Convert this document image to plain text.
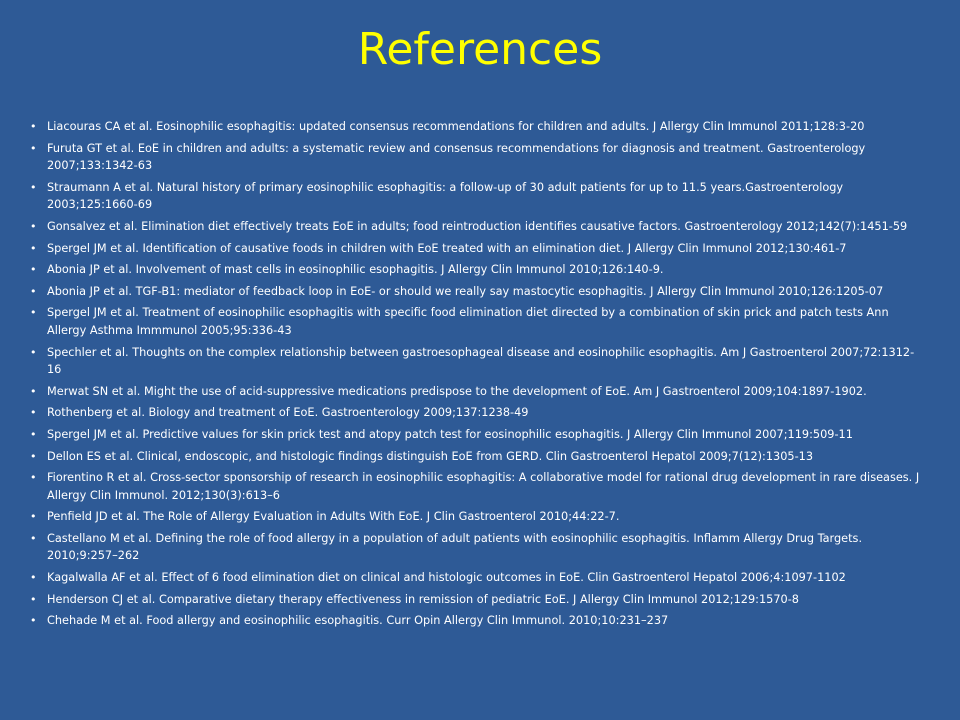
References
• Liacouras CA et al. Eosinophilic esophagitis: updated consensus recommendations for children and adults. J Allergy Clin Immunol 2011;128:3-20
• Furuta GT et al. EoE in children and adults: a systematic review and consensus recommendations for diagnosis and treatment. Gastroenterology 2007;133:1342-63
• Straumann A et al. Natural history of primary eosinophilic esophagitis: a follow-up of 30 adult patients for up to 11.5 years.Gastroenterology 2003;125:1660-69
• Gonsalvez et al. Elimination diet effectively treats EoE in adults; food reintroduction identifies causative factors. Gastroenterology 2012;142(7):1451-59
• Spergel JM et al. Identification of causative foods in children with EoE treated with an elimination diet. J Allergy Clin Immunol 2012;130:461-7
• Abonia JP et al. Involvement of mast cells in eosinophilic esophagitis. J Allergy Clin Immunol 2010;126:140-9.
• Abonia JP et al. TGF-B1: mediator of feedback loop in EoE- or should we really say mastocytic esophagitis. J Allergy Clin Immunol 2010;126:1205-07
• Spergel JM et al. Treatment of eosinophilic esophagitis with specific food elimination diet directed by a combination of skin prick and patch tests Ann Allergy Asthma Immmunol 2005;95:336-43
• Spechler et al. Thoughts on the complex relationship between gastroesophageal disease and eosinophilic esophagitis. Am J Gastroenterol 2007;72:1312-16
• Merwat SN et al. Might the use of acid-suppressive medications predispose to the development of EoE. Am J Gastroenterol 2009;104:1897-1902.
• Rothenberg et al. Biology and treatment of EoE. Gastroenterology 2009;137:1238-49
• Spergel JM et al. Predictive values for skin prick test and atopy patch test for eosinophilic esophagitis. J Allergy Clin Immunol 2007;119:509-11
• Dellon ES et al. Clinical, endoscopic, and histologic findings distinguish EoE from GERD. Clin Gastroenterol Hepatol 2009;7(12):1305-13
• Fiorentino R et al. Cross-sector sponsorship of research in eosinophilic esophagitis: A collaborative model for rational drug development in rare diseases. J Allergy Clin Immunol. 2012;130(3):613–6
• Penfield JD et al. The Role of Allergy Evaluation in Adults With EoE. J Clin Gastroenterol 2010;44:22-7.
• Castellano M et al. Defining the role of food allergy in a population of adult patients with eosinophilic esophagitis. Inflamm Allergy Drug Targets. 2010;9:257–262
• Kagalwalla AF et al. Effect of 6 food elimination diet on clinical and histologic outcomes in EoE. Clin Gastroenterol Hepatol 2006;4:1097-1102
• Henderson CJ et al. Comparative dietary therapy effectiveness in remission of pediatric EoE. J Allergy Clin Immunol 2012;129:1570-8
• Chehade M et al. Food allergy and eosinophilic esophagitis. Curr Opin Allergy Clin Immunol. 2010;10:231–237
